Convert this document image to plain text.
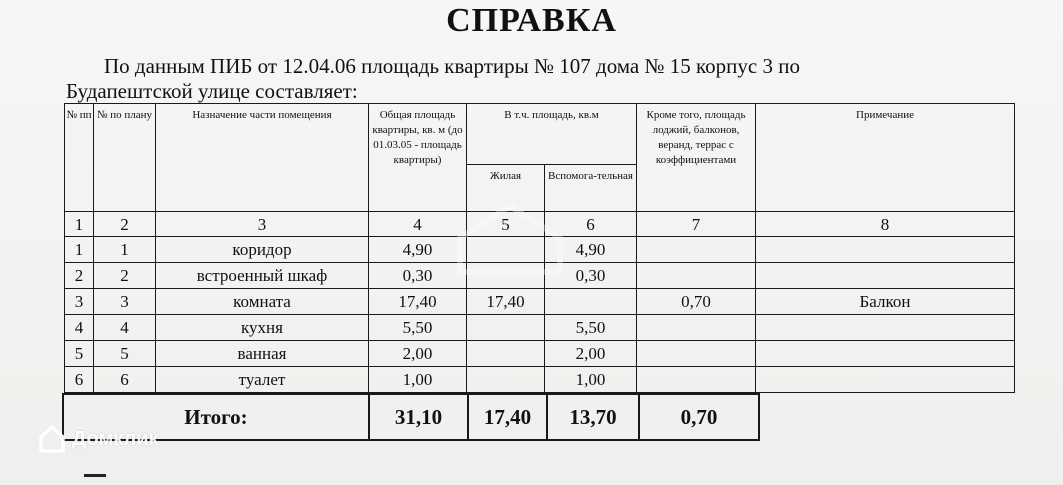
СПРАВКА
По данным ПИБ от 12.04.06 площадь квартиры № 107 дома № 15 корпус 3 по
Будапештской улице составляет:
№ пп	№ по плану	Назначение части помещения	Общая площадь квартиры, кв. м (до 01.03.05 - площадь квартиры)	В т.ч. площадь, кв.м		Кроме того, площадь лоджий, балконов, веранд, террас с коэффициентами	Примечание
				Жилая	Вспомога-тельная		
1	2	3	4	5	6	7	8
1	1	коридор	4,90		4,90		
2	2	встроенный шкаф	0,30		0,30		
3	3	комната	17,40	17,40		0,70	Балкон
4	4	кухня	5,50		5,50		
5	5	ванная	2,00		2,00		
6	6	туалет	1,00		1,00		
Итого:	31,10	17,40	13,70	0,70
Домклик
